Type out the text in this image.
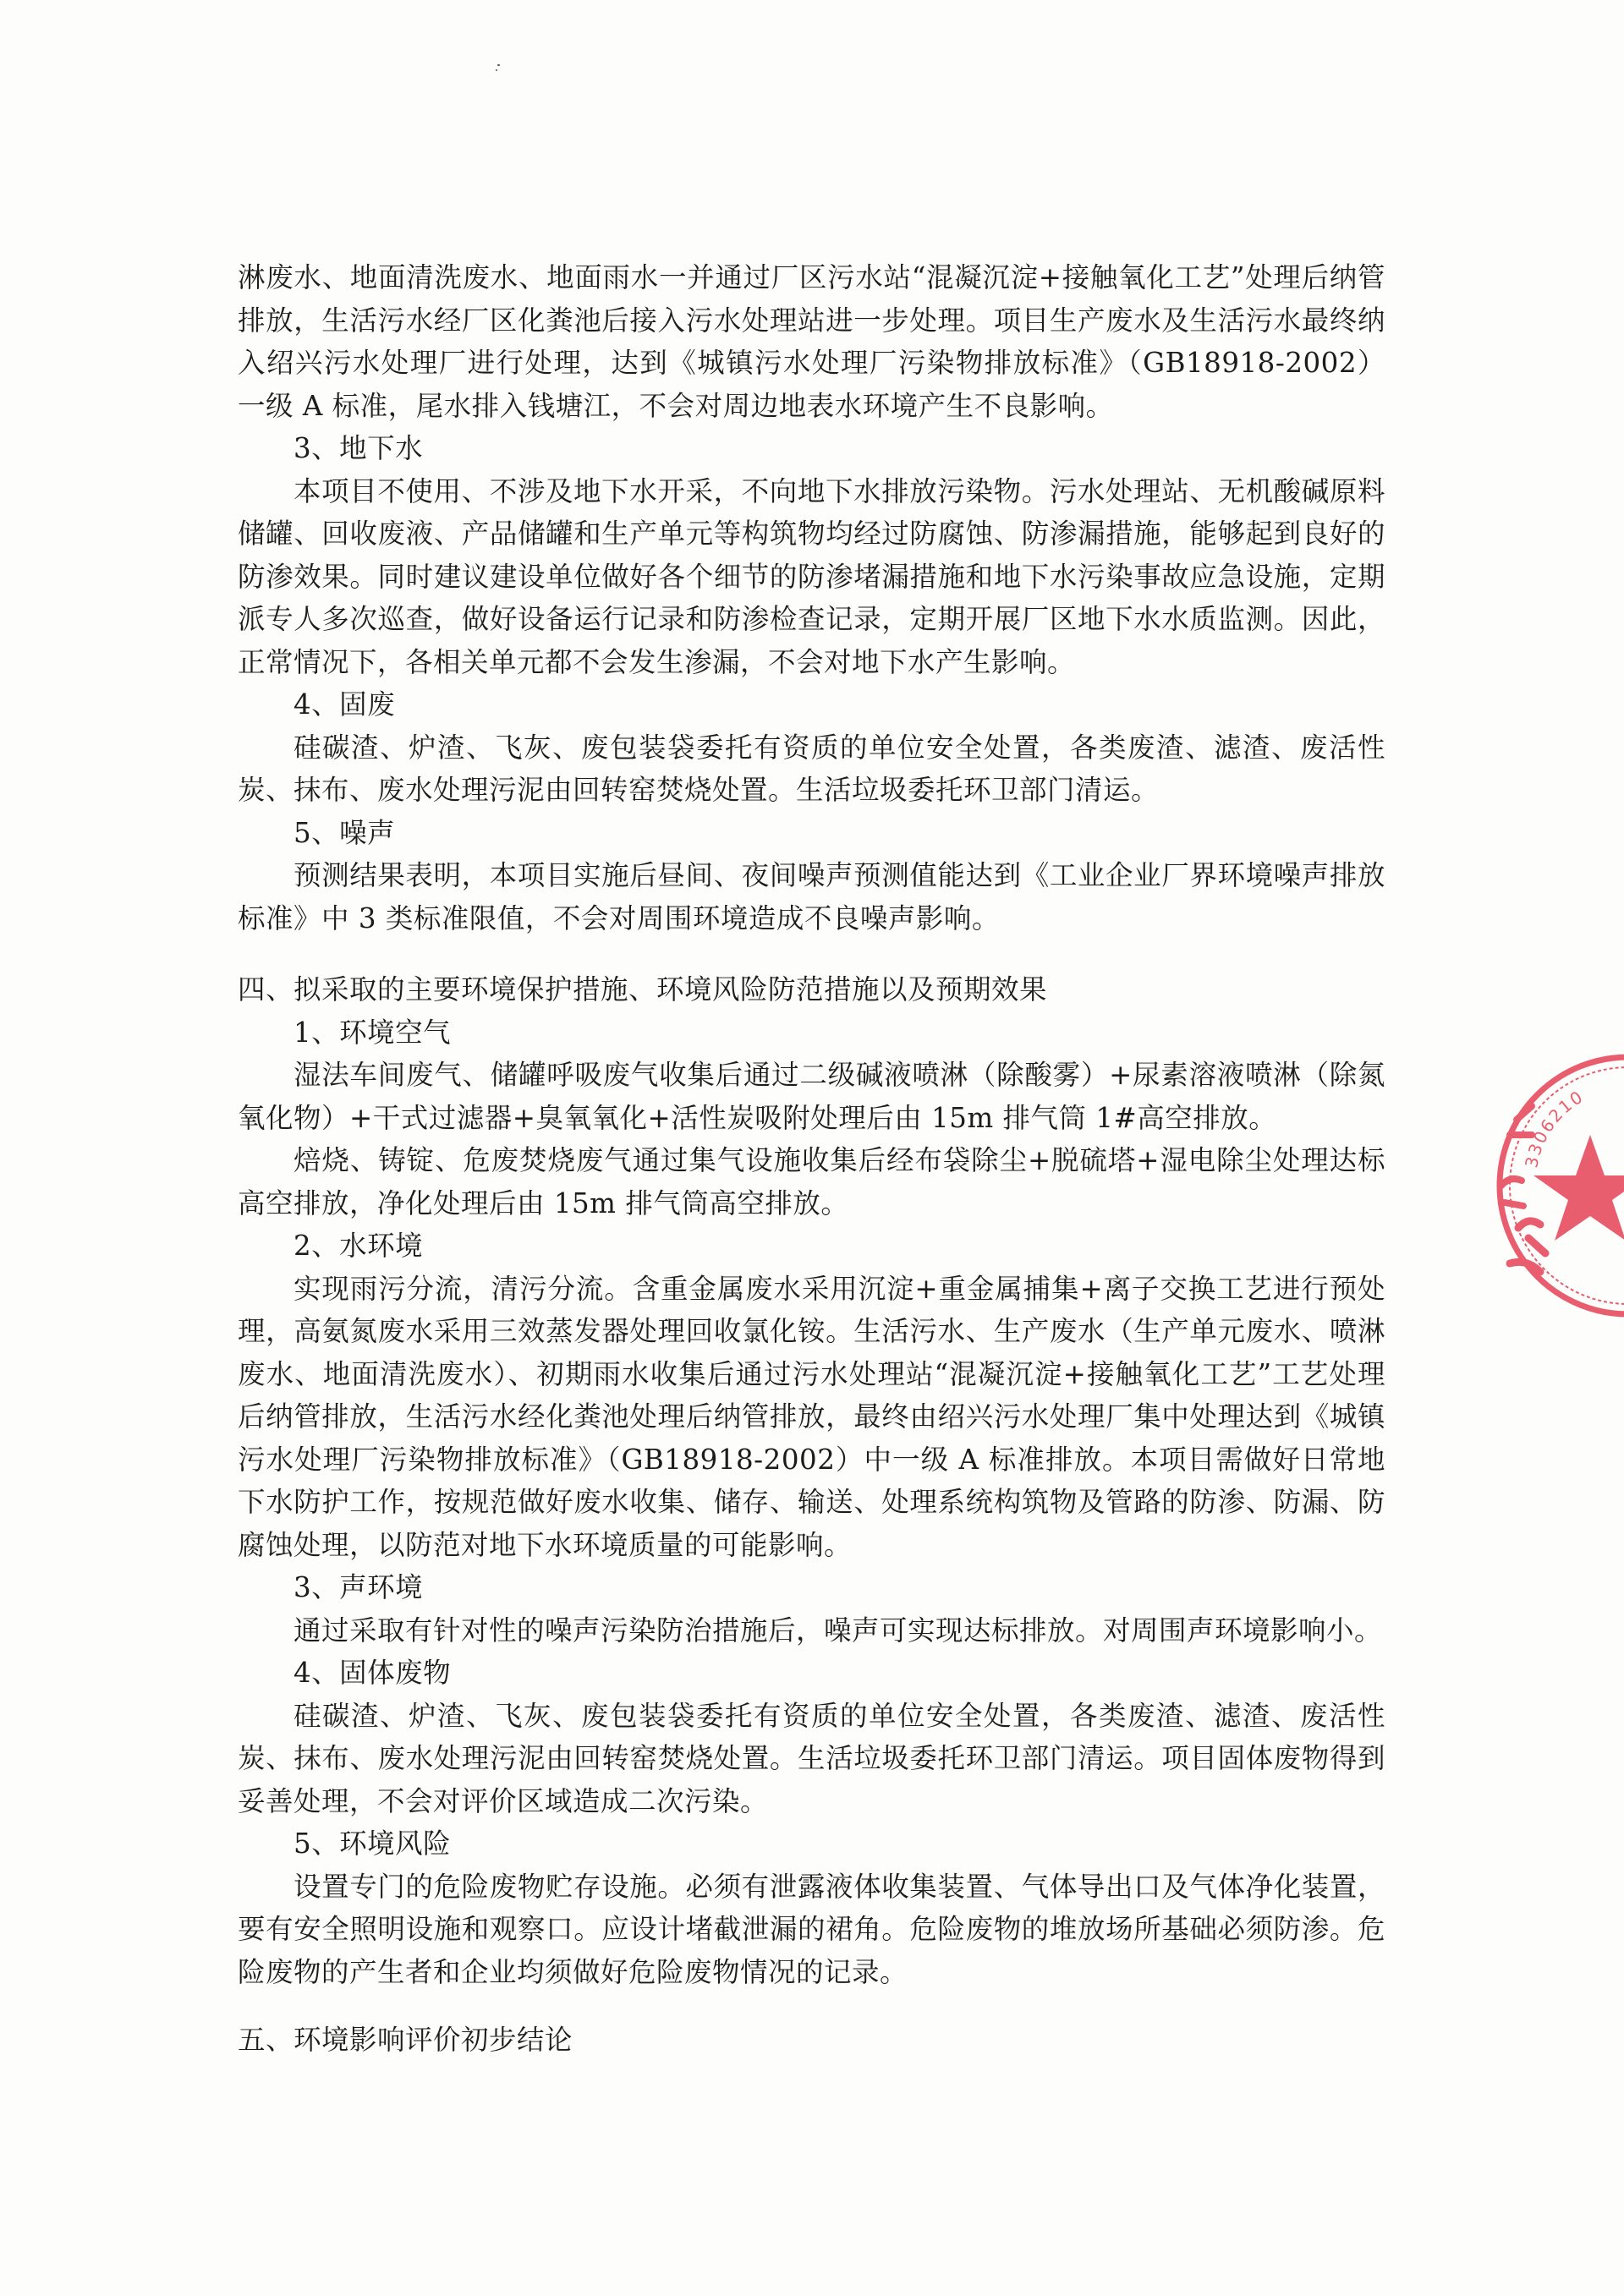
淋废水、地面清洗废水、地面雨水一并通过厂区污水站“混凝沉淀+接触氧化工艺”处理后纳管排放，生活污水经厂区化粪池后接入污水处理站进一步处理。项目生产废水及生活污水最终纳入绍兴污水处理厂进行处理，达到《城镇污水处理厂污染物排放标准》（GB18918-2002）一级 A 标准，尾水排入钱塘江，不会对周边地表水环境产生不良影响。

3、地下水

本项目不使用、不涉及地下水开采，不向地下水排放污染物。污水处理站、无机酸碱原料储罐、回收废液、产品储罐和生产单元等构筑物均经过防腐蚀、防渗漏措施，能够起到良好的防渗效果。同时建议建设单位做好各个细节的防渗堵漏措施和地下水污染事故应急设施，定期派专人多次巡查，做好设备运行记录和防渗检查记录，定期开展厂区地下水水质监测。因此，正常情况下，各相关单元都不会发生渗漏，不会对地下水产生影响。

4、固废

硅碳渣、炉渣、飞灰、废包装袋委托有资质的单位安全处置，各类废渣、滤渣、废活性炭、抹布、废水处理污泥由回转窑焚烧处置。生活垃圾委托环卫部门清运。

5、噪声

预测结果表明，本项目实施后昼间、夜间噪声预测值能达到《工业企业厂界环境噪声排放标准》中 3 类标准限值，不会对周围环境造成不良噪声影响。

四、拟采取的主要环境保护措施、环境风险防范措施以及预期效果

1、环境空气

湿法车间废气、储罐呼吸废气收集后通过二级碱液喷淋（除酸雾）+尿素溶液喷淋（除氮氧化物）+干式过滤器+臭氧氧化+活性炭吸附处理后由 15m 排气筒 1#高空排放。

焙烧、铸锭、危废焚烧废气通过集气设施收集后经布袋除尘+脱硫塔+湿电除尘处理达标高空排放，净化处理后由 15m 排气筒高空排放。

2、水环境

实现雨污分流，清污分流。含重金属废水采用沉淀+重金属捕集+离子交换工艺进行预处理，高氨氮废水采用三效蒸发器处理回收氯化铵。生活污水、生产废水（生产单元废水、喷淋废水、地面清洗废水）、初期雨水收集后通过污水处理站“混凝沉淀+接触氧化工艺”工艺处理后纳管排放，生活污水经化粪池处理后纳管排放，最终由绍兴污水处理厂集中处理达到《城镇污水处理厂污染物排放标准》（GB18918-2002）中一级 A 标准排放。本项目需做好日常地下水防护工作，按规范做好废水收集、储存、输送、处理系统构筑物及管路的防渗、防漏、防腐蚀处理，以防范对地下水环境质量的可能影响。

3、声环境

通过采取有针对性的噪声污染防治措施后，噪声可实现达标排放。对周围声环境影响小。

4、固体废物

硅碳渣、炉渣、飞灰、废包装袋委托有资质的单位安全处置，各类废渣、滤渣、废活性炭、抹布、废水处理污泥由回转窑焚烧处置。生活垃圾委托环卫部门清运。项目固体废物得到妥善处理，不会对评价区域造成二次污染。

5、环境风险

设置专门的危险废物贮存设施。必须有泄露液体收集装置、气体导出口及气体净化装置，要有安全照明设施和观察口。应设计堵截泄漏的裙角。危险废物的堆放场所基础必须防渗。危险废物的产生者和企业均须做好危险废物情况的记录。

五、环境影响评价初步结论

3306210
